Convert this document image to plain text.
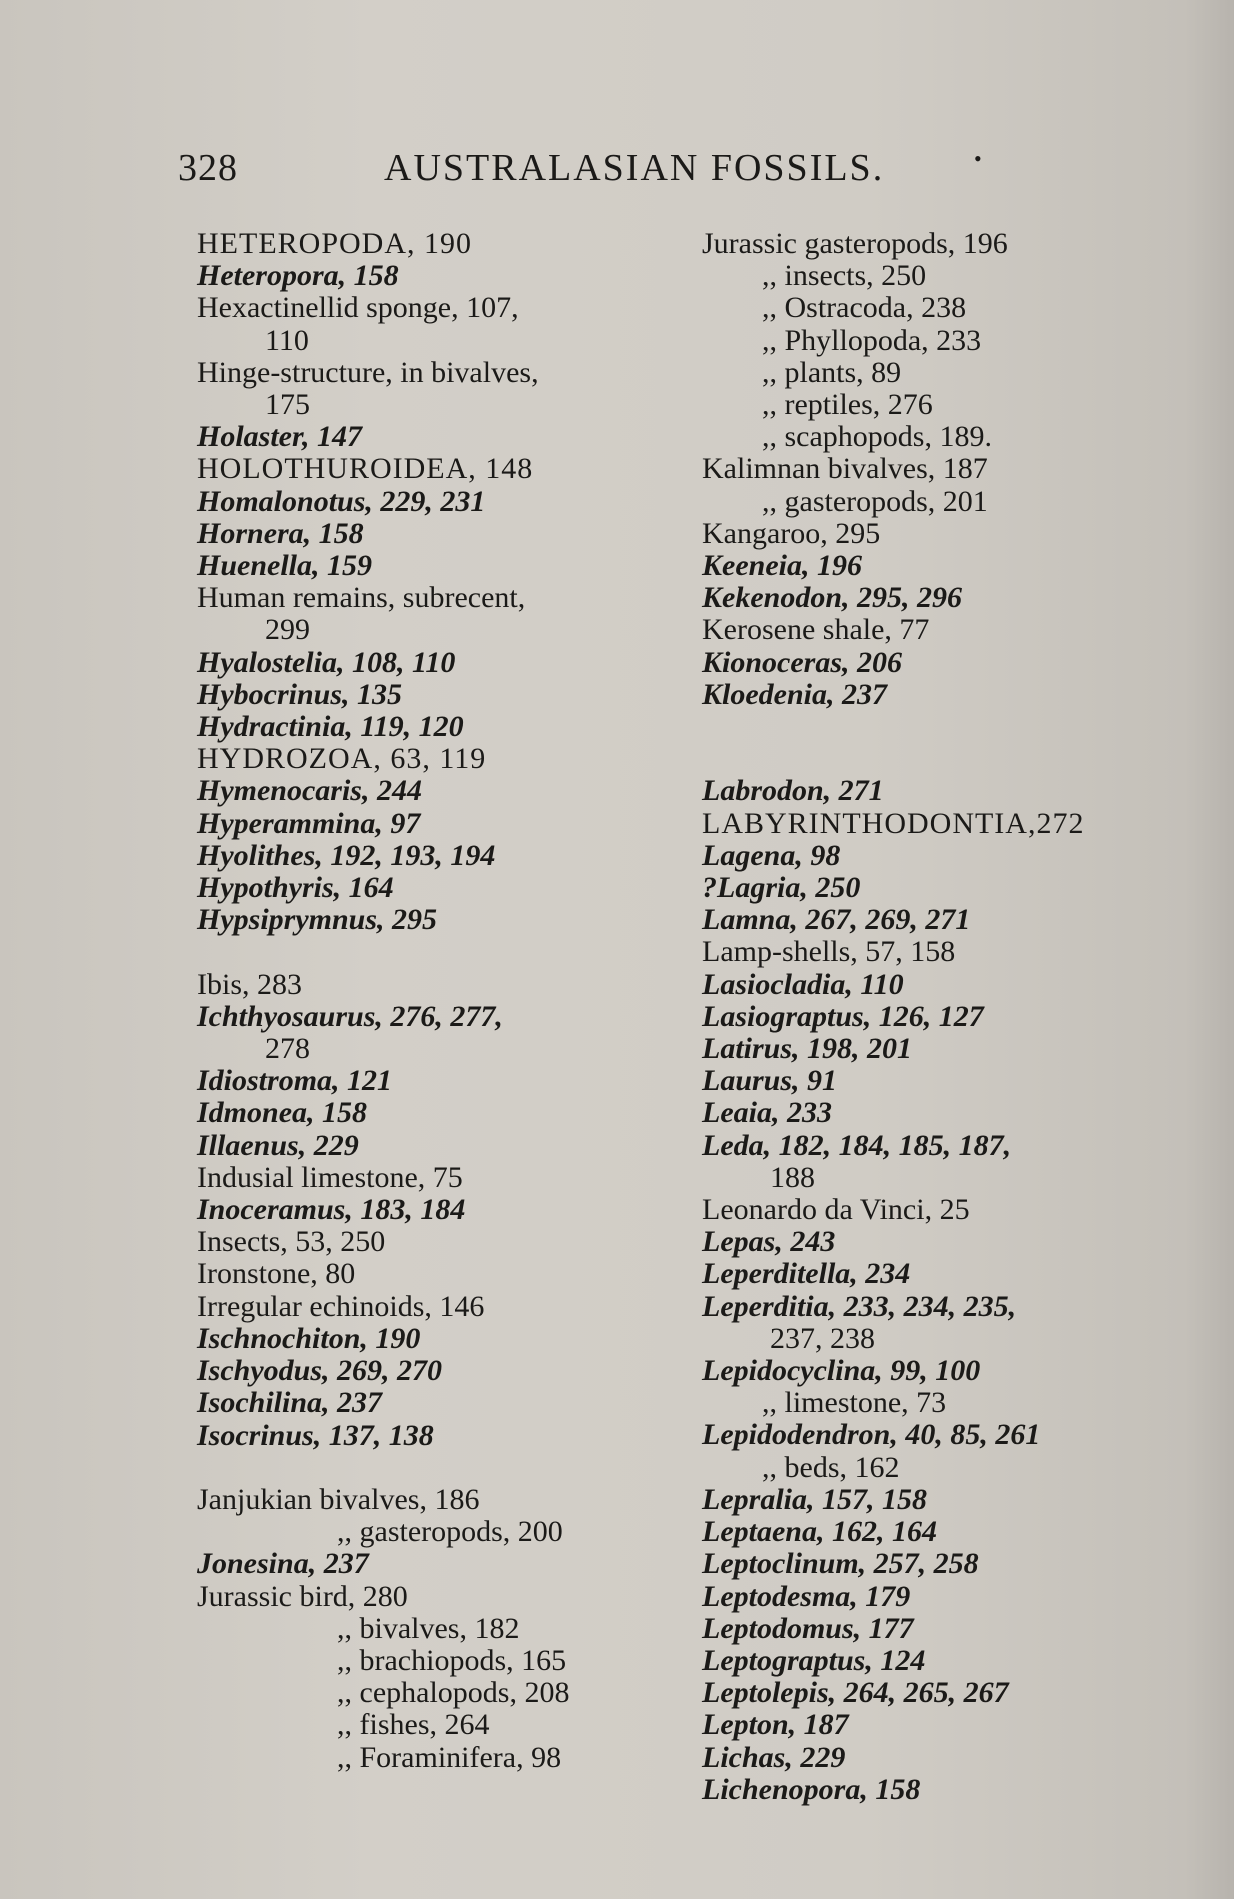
328	AUSTRALASIAN FOSSILS.	•
HETEROPODA, 190
Heteropora, 158
Hexactinellid sponge, 107,
110
Hinge-structure, in bivalves,
175
Holaster, 147
HOLOTHUROIDEA, 148
Homalonotus, 229, 231
Hornera, 158
Huenella, 159
Human remains, subrecent,
299
Hyalostelia, 108, 110
Hybocrinus, 135
Hydractinia, 119, 120
HYDROZOA, 63, 119
Hymenocaris, 244
Hyperammina, 97
Hyolithes, 192, 193, 194
Hypothyris, 164
Hypsiprymnus, 295
Ibis, 283
Ichthyosaurus, 276, 277,
278
Idiostroma, 121
Idmonea, 158
Illaenus, 229
Indusial limestone, 75
Inoceramus, 183, 184
Insects, 53, 250
Ironstone, 80
Irregular echinoids, 146
Ischnochiton, 190
Ischyodus, 269, 270
Isochilina, 237
Isocrinus, 137, 138
Janjukian bivalves, 186
,, gasteropods, 200
Jonesina, 237
Jurassic bird, 280
,, bivalves, 182
,, brachiopods, 165
,, cephalopods, 208
,, fishes, 264
,, Foraminifera, 98
Jurassic gasteropods, 196
,, insects, 250
,, Ostracoda, 238
,, Phyllopoda, 233
,, plants, 89
,, reptiles, 276
,, scaphopods, 189.
Kalimnan bivalves, 187
,, gasteropods, 201
Kangaroo, 295
Keeneia, 196
Kekenodon, 295, 296
Kerosene shale, 77
Kionoceras, 206
Kloedenia, 237
Labrodon, 271
LABYRINTHODONTIA,272
Lagena, 98
?Lagria, 250
Lamna, 267, 269, 271
Lamp-shells, 57, 158
Lasiocladia, 110
Lasiograptus, 126, 127
Latirus, 198, 201
Laurus, 91
Leaia, 233
Leda, 182, 184, 185, 187,
188
Leonardo da Vinci, 25
Lepas, 243
Leperditella, 234
Leperditia, 233, 234, 235,
237, 238
Lepidocyclina, 99, 100
,, limestone, 73
Lepidodendron, 40, 85, 261
,, beds, 162
Lepralia, 157, 158
Leptaena, 162, 164
Leptoclinum, 257, 258
Leptodesma, 179
Leptodomus, 177
Leptograptus, 124
Leptolepis, 264, 265, 267
Lepton, 187
Lichas, 229
Lichenopora, 158
